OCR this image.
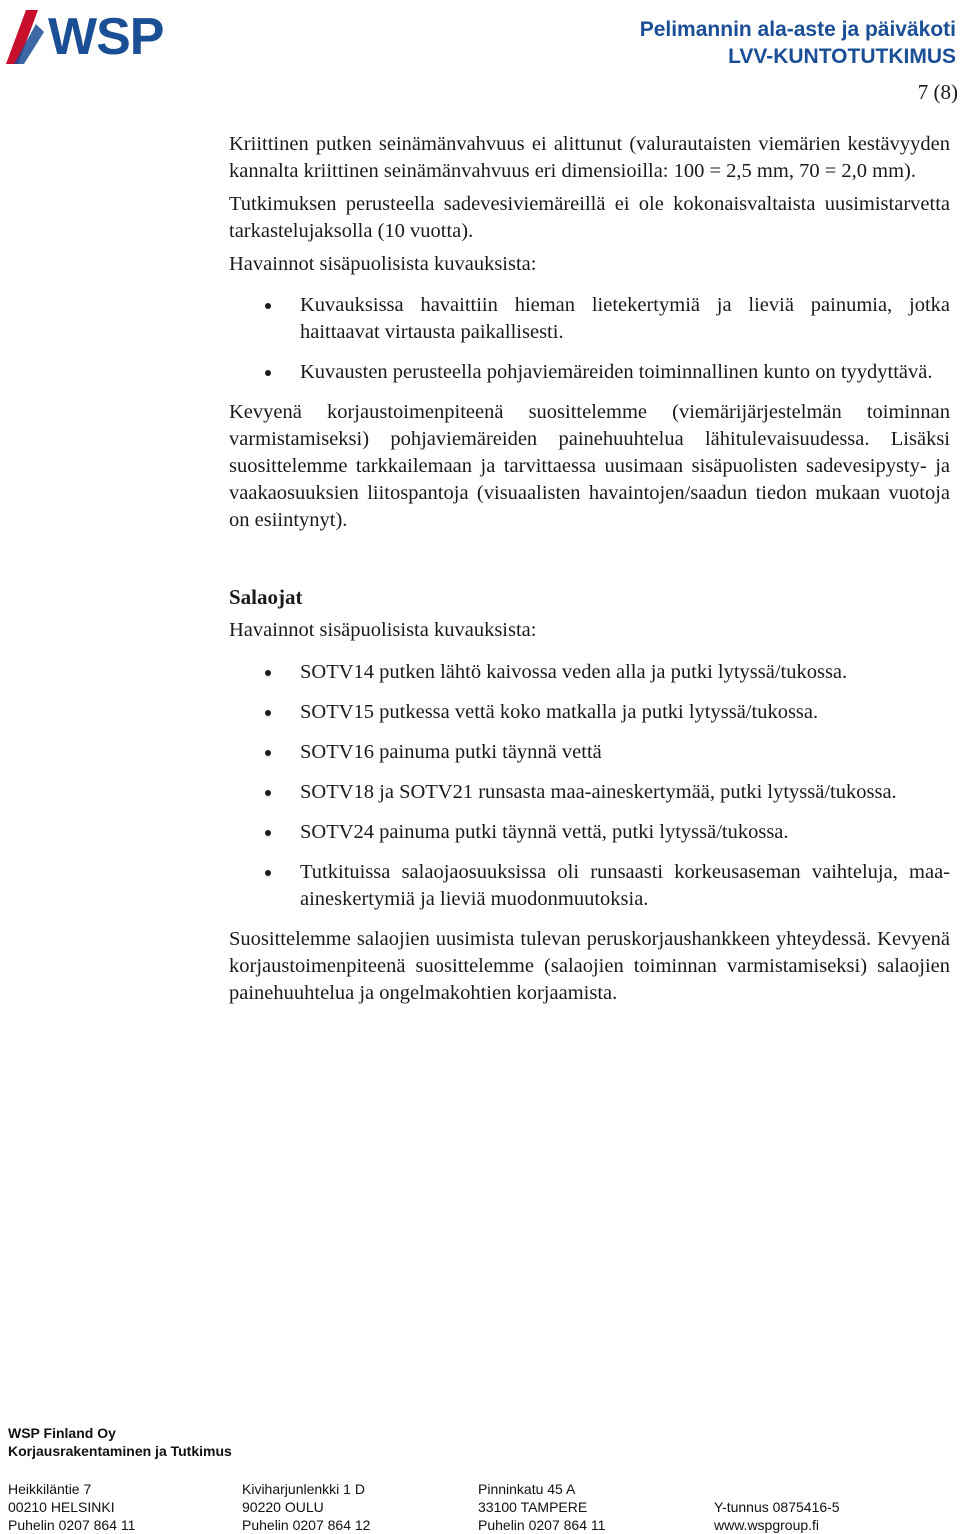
WSP	Pelimannin ala-aste ja päiväkoti
LVV-KUNTOTUTKIMUS
7 (8)

Kriittinen putken seinämänvahvuus ei alittunut (valurautaisten viemärien kestävyyden kannalta kriittinen seinämänvahvuus eri dimensioilla: 100 = 2,5 mm, 70 = 2,0 mm).

Tutkimuksen perusteella sadevesiviemäreillä ei ole kokonaisvaltaista uusimistarvetta tarkastelujaksolla (10 vuotta).

Havainnot sisäpuolisista kuvauksista:

Kuvauksissa havaittiin hieman lietekertymiä ja lieviä painumia, jotka haittaavat virtausta paikallisesti.
Kuvausten perusteella pohjaviemäreiden toiminnallinen kunto on tyydyttävä.

Kevyenä korjaustoimenpiteenä suosittelemme (viemärijärjestelmän toiminnan varmistamiseksi) pohjaviemäreiden painehuuhtelua lähitulevaisuudessa. Lisäksi suosittelemme tarkkailemaan ja tarvittaessa uusimaan sisäpuolisten sadevesipysty- ja vaakaosuuksien liitospantoja (visuaalisten havaintojen/saadun tiedon mukaan vuotoja on esiintynyt).

Salaojat

Havainnot sisäpuolisista kuvauksista:

SOTV14 putken lähtö kaivossa veden alla ja putki lytyssä/tukossa.
SOTV15 putkessa vettä koko matkalla ja putki lytyssä/tukossa.
SOTV16 painuma putki täynnä vettä
SOTV18 ja SOTV21 runsasta maa-aineskertymää, putki lytyssä/tukossa.
SOTV24 painuma putki täynnä vettä, putki lytyssä/tukossa.
Tutkituissa salaojaosuuksissa oli runsaasti korkeusaseman vaihteluja, maa-aineskertymiä ja lieviä muodonmuutoksia.

Suosittelemme salaojien uusimista tulevan peruskorjaushankkeen yhteydessä. Kevyenä korjaustoimenpiteenä suosittelemme (salaojien toiminnan varmistamiseksi) salaojien painehuuhtelua ja ongelmakohtien korjaamista.

WSP Finland Oy
Korjausrakentaminen ja Tutkimus
Heikkiläntie 7
00210 HELSINKI
Puhelin 0207 864 11
Kiviharjunlenkki 1 D
90220 OULU
Puhelin 0207 864 12
Pinninkatu 45 A
33100 TAMPERE
Puhelin 0207 864 11
Y-tunnus 0875416-5
www.wspgroup.fi
